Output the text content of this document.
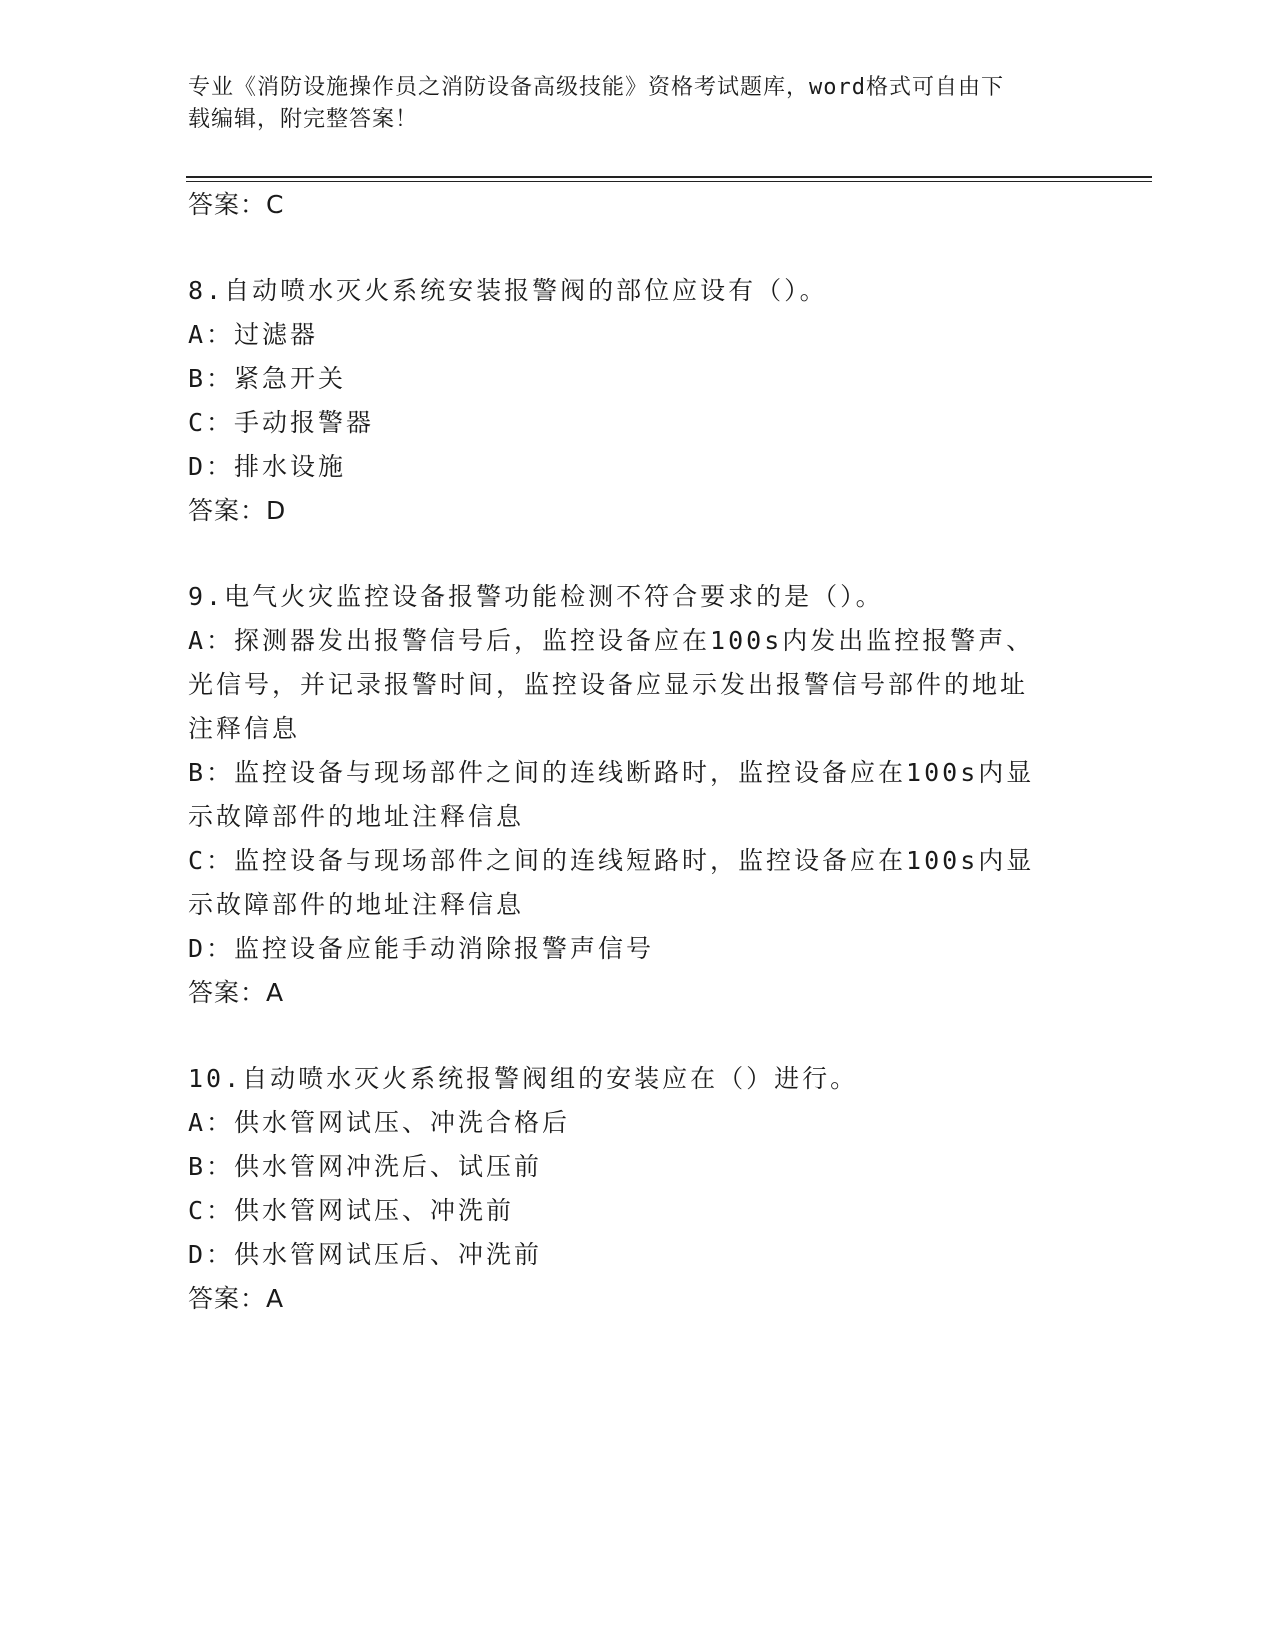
专业《消防设施操作员之消防设备高级技能》资格考试题库，word格式可自由下
载编辑，附完整答案！
答案：C
8.自动喷水灭火系统安装报警阀的部位应设有（）。
A：过滤器
B：紧急开关
C：手动报警器
D：排水设施
答案：D
9.电气火灾监控设备报警功能检测不符合要求的是（）。
A：探测器发出报警信号后，监控设备应在100s内发出监控报警声、
光信号，并记录报警时间，监控设备应显示发出报警信号部件的地址
注释信息
B：监控设备与现场部件之间的连线断路时，监控设备应在100s内显
示故障部件的地址注释信息
C：监控设备与现场部件之间的连线短路时，监控设备应在100s内显
示故障部件的地址注释信息
D：监控设备应能手动消除报警声信号
答案：A
10.自动喷水灭火系统报警阀组的安装应在（）进行。
A：供水管网试压、冲洗合格后
B：供水管网冲洗后、试压前
C：供水管网试压、冲洗前
D：供水管网试压后、冲洗前
答案：A
